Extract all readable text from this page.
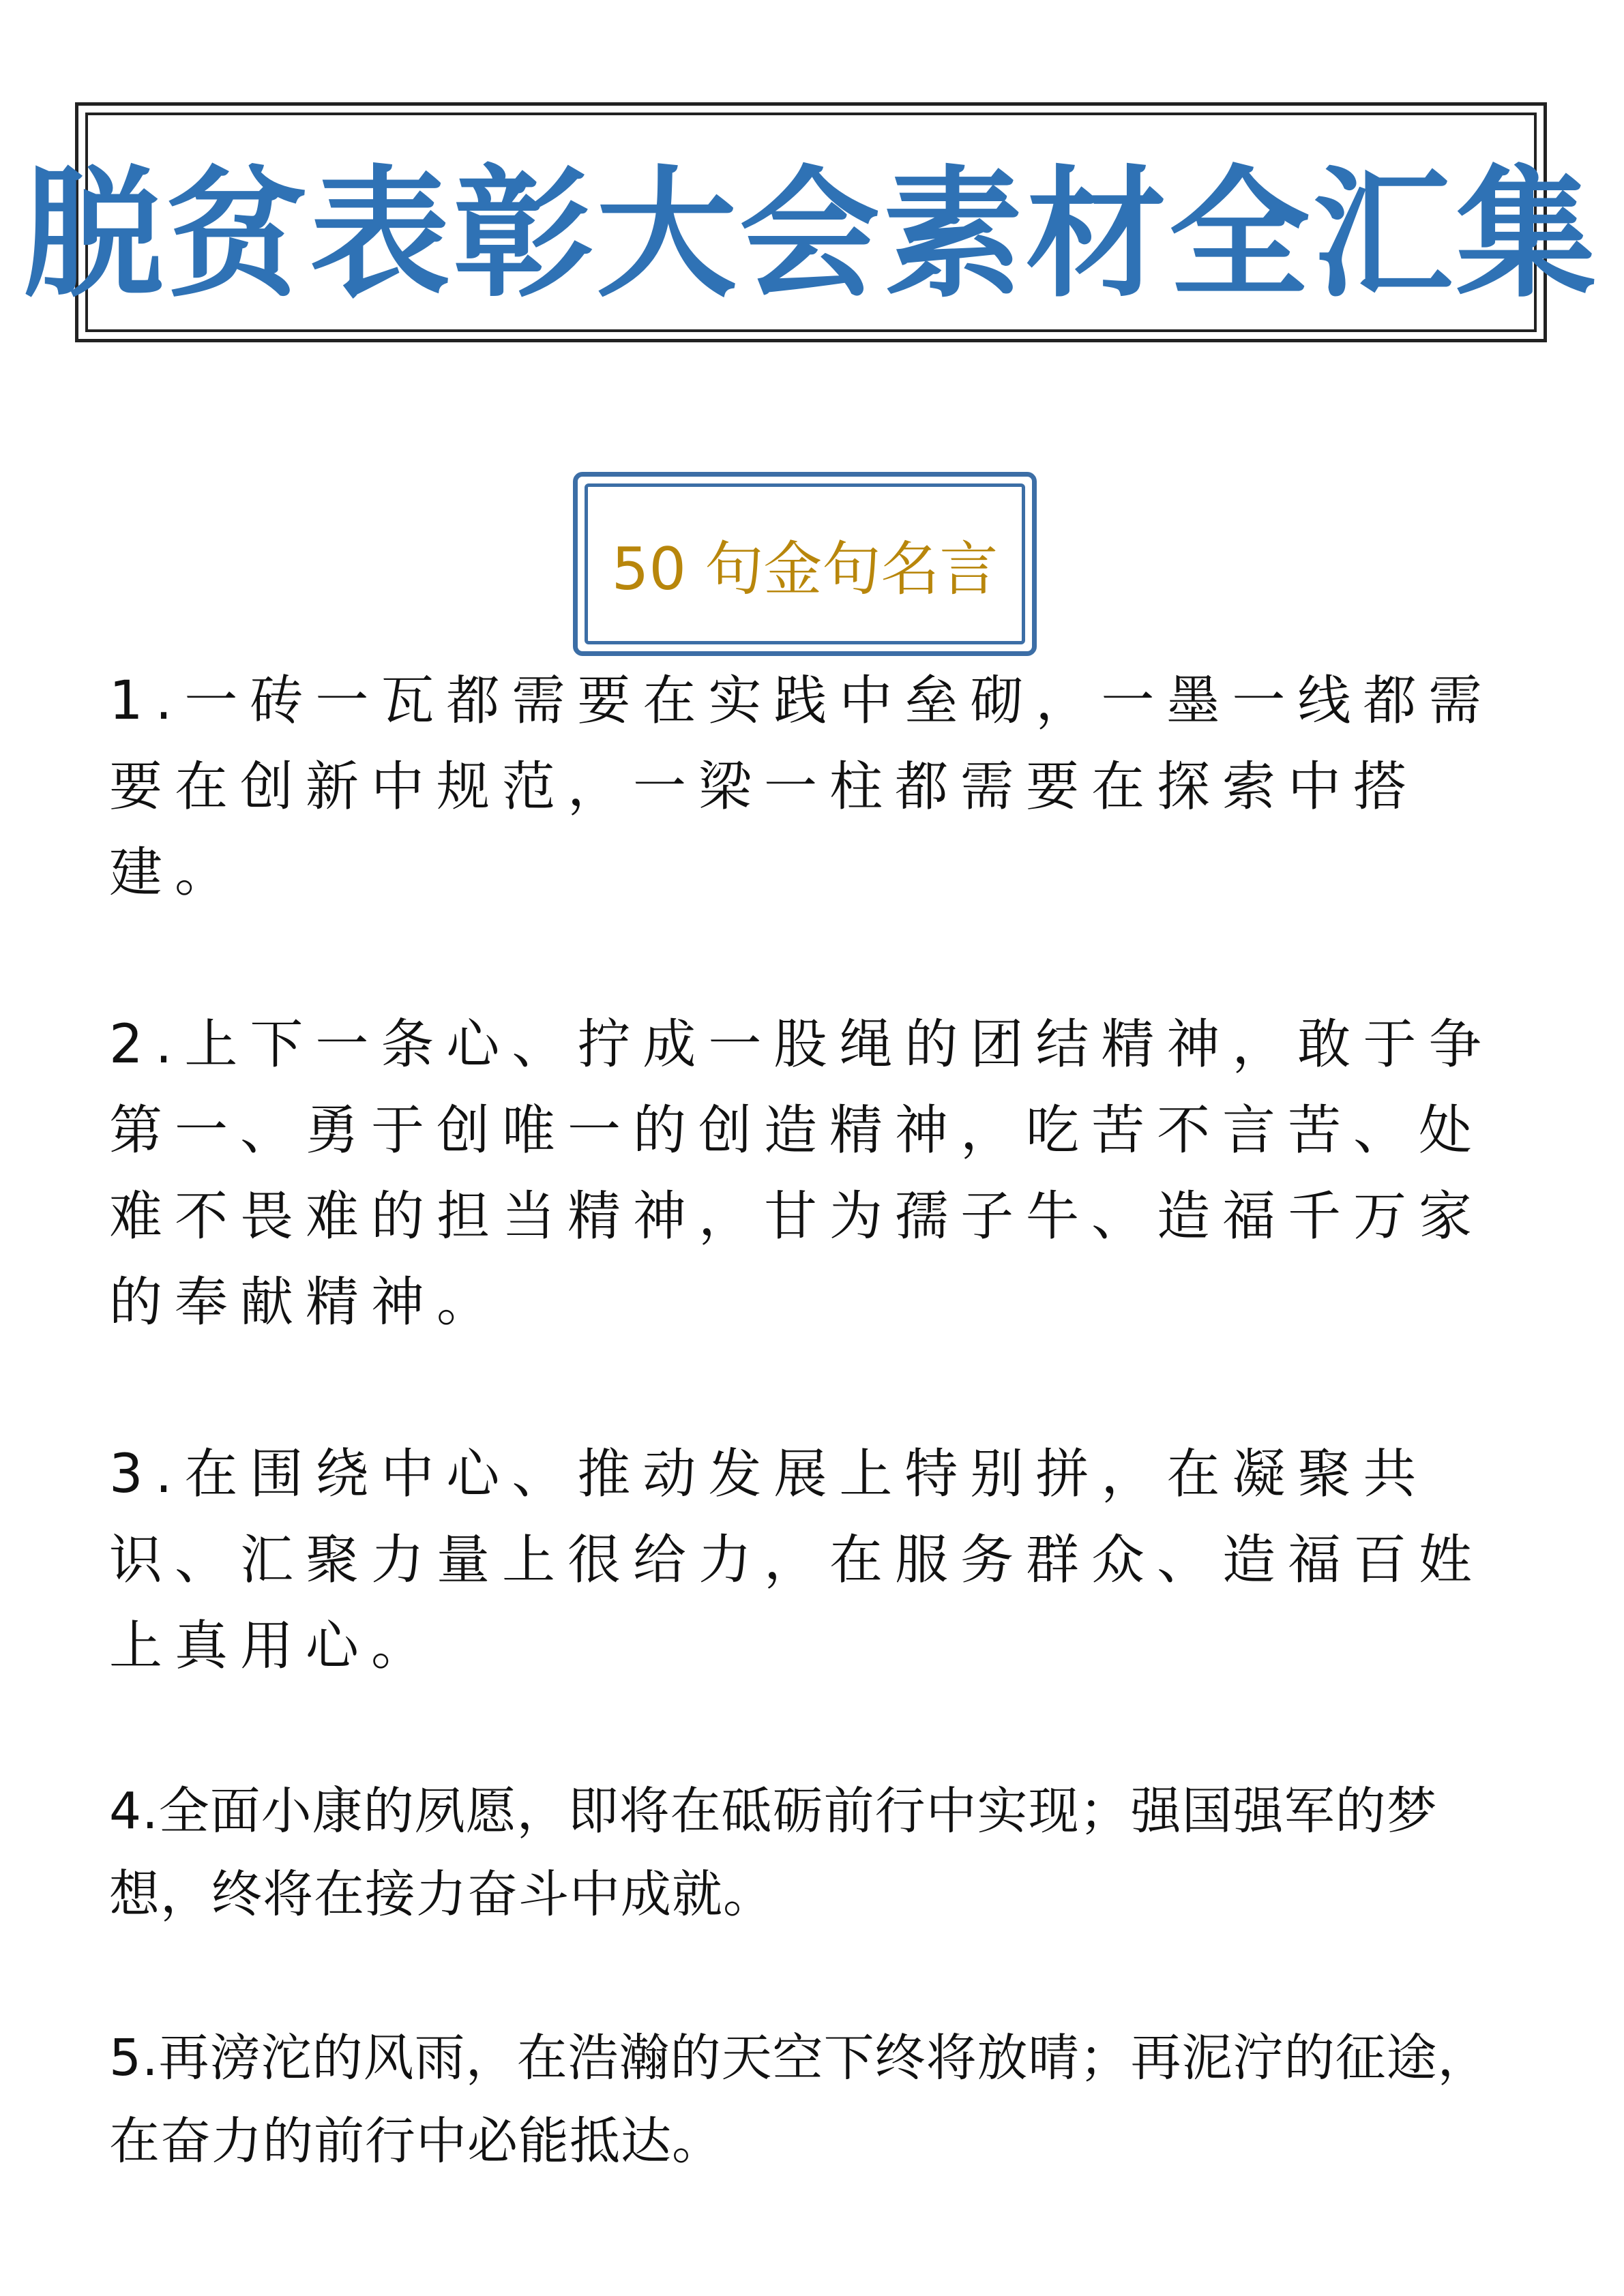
脱贫表彰大会素材全汇集
50 句金句名言

1.一砖一瓦都需要在实践中垒砌，一墨一线都需要在创新中规范，一梁一柱都需要在探索中搭建。

2.上下一条心、拧成一股绳的团结精神，敢于争第一、勇于创唯一的创造精神，吃苦不言苦、处难不畏难的担当精神，甘为孺子牛、造福千万家的奉献精神。

3.在围绕中心、推动发展上特别拼，在凝聚共识、汇聚力量上很给力，在服务群众、造福百姓上真用心。

4.全面小康的夙愿，即将在砥砺前行中实现；强国强军的梦想，终将在接力奋斗中成就。

5.再滂沱的风雨，在浩瀚的天空下终将放晴；再泥泞的征途，在奋力的前行中必能抵达。
